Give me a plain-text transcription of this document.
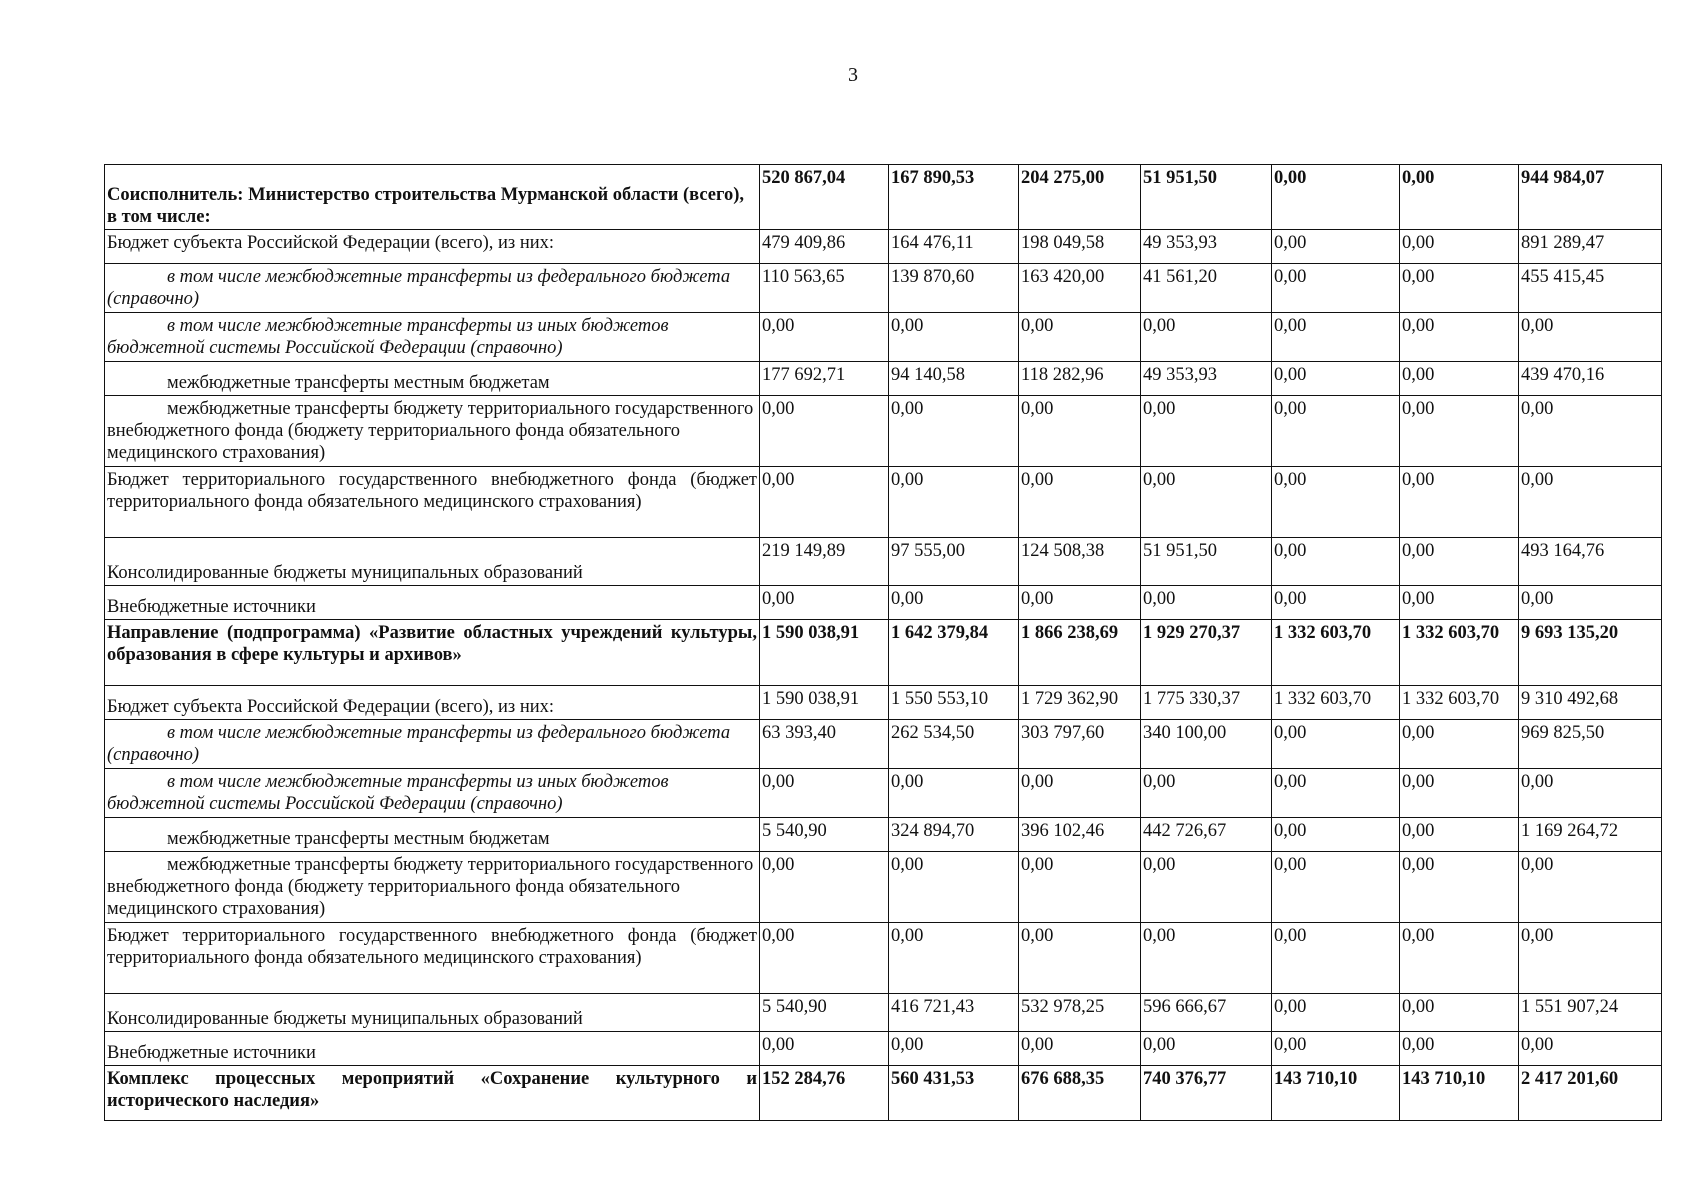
3
Соисполнитель: Министерство строительства Мурманской области (всего), в том числе:	520 867,04	167 890,53	204 275,00	51 951,50	0,00	0,00	944 984,07
Бюджет субъекта Российской Федерации (всего), из них:	479 409,86	164 476,11	198 049,58	49 353,93	0,00	0,00	891 289,47
в том числе межбюджетные трансферты из федерального бюджета (справочно)	110 563,65	139 870,60	163 420,00	41 561,20	0,00	0,00	455 415,45
в том числе межбюджетные трансферты из иных бюджетов бюджетной системы Российской Федерации (справочно)	0,00	0,00	0,00	0,00	0,00	0,00	0,00
межбюджетные трансферты местным бюджетам	177 692,71	94 140,58	118 282,96	49 353,93	0,00	0,00	439 470,16
межбюджетные трансферты бюджету территориального государственного внебюджетного фонда (бюджету территориального фонда обязательного медицинского страхования)	0,00	0,00	0,00	0,00	0,00	0,00	0,00
Бюджет территориального государственного внебюджетного фонда (бюджет территориального фонда обязательного медицинского страхования)	0,00	0,00	0,00	0,00	0,00	0,00	0,00
Консолидированные бюджеты муниципальных образований	219 149,89	97 555,00	124 508,38	51 951,50	0,00	0,00	493 164,76
Внебюджетные источники	0,00	0,00	0,00	0,00	0,00	0,00	0,00
Направление (подпрограмма) «Развитие областных учреждений культуры, образования в сфере культуры и архивов»	1 590 038,91	1 642 379,84	1 866 238,69	1 929 270,37	1 332 603,70	1 332 603,70	9 693 135,20
Бюджет субъекта Российской Федерации (всего), из них:	1 590 038,91	1 550 553,10	1 729 362,90	1 775 330,37	1 332 603,70	1 332 603,70	9 310 492,68
в том числе межбюджетные трансферты из федерального бюджета (справочно)	63 393,40	262 534,50	303 797,60	340 100,00	0,00	0,00	969 825,50
в том числе межбюджетные трансферты из иных бюджетов бюджетной системы Российской Федерации (справочно)	0,00	0,00	0,00	0,00	0,00	0,00	0,00
межбюджетные трансферты местным бюджетам	5 540,90	324 894,70	396 102,46	442 726,67	0,00	0,00	1 169 264,72
межбюджетные трансферты бюджету территориального государственного внебюджетного фонда (бюджету территориального фонда обязательного медицинского страхования)	0,00	0,00	0,00	0,00	0,00	0,00	0,00
Бюджет территориального государственного внебюджетного фонда (бюджет территориального фонда обязательного медицинского страхования)	0,00	0,00	0,00	0,00	0,00	0,00	0,00
Консолидированные бюджеты муниципальных образований	5 540,90	416 721,43	532 978,25	596 666,67	0,00	0,00	1 551 907,24
Внебюджетные источники	0,00	0,00	0,00	0,00	0,00	0,00	0,00
Комплекс процессных мероприятий «Сохранение культурного и исторического наследия»	152 284,76	560 431,53	676 688,35	740 376,77	143 710,10	143 710,10	2 417 201,60
